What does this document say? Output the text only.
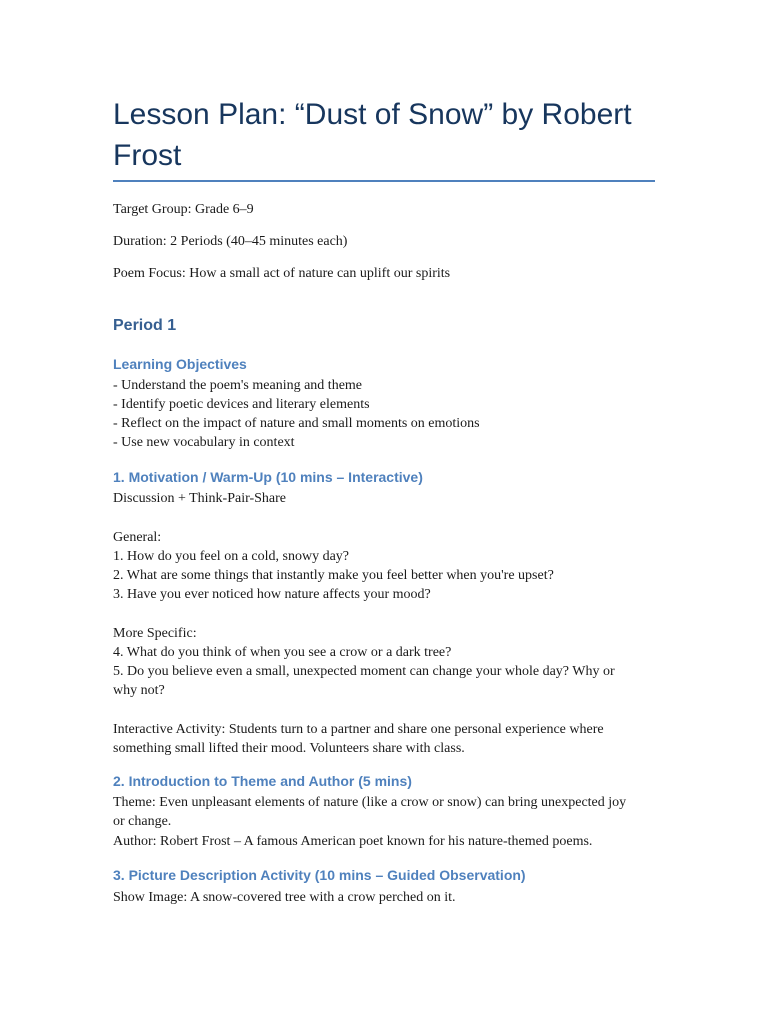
Lesson Plan: “Dust of Snow” by Robert Frost

Target Group: Grade 6–9

Duration: 2 Periods (40–45 minutes each)

Poem Focus: How a small act of nature can uplift our spirits

Period 1
Learning Objectives
- Understand the poem's meaning and theme
- Identify poetic devices and literary elements
- Reflect on the impact of nature and small moments on emotions
- Use new vocabulary in context
1. Motivation / Warm-Up (10 mins – Interactive)
Discussion + Think-Pair-Share
General:
1. How do you feel on a cold, snowy day?
2. What are some things that instantly make you feel better when you're upset?
3. Have you ever noticed how nature affects your mood?
More Specific:
4. What do you think of when you see a crow or a dark tree?
5. Do you believe even a small, unexpected moment can change your whole day? Why or
why not?
Interactive Activity: Students turn to a partner and share one personal experience where
something small lifted their mood. Volunteers share with class.
2. Introduction to Theme and Author (5 mins)
Theme: Even unpleasant elements of nature (like a crow or snow) can bring unexpected joy
or change.
Author: Robert Frost – A famous American poet known for his nature-themed poems.
3. Picture Description Activity (10 mins – Guided Observation)
Show Image: A snow-covered tree with a crow perched on it.
